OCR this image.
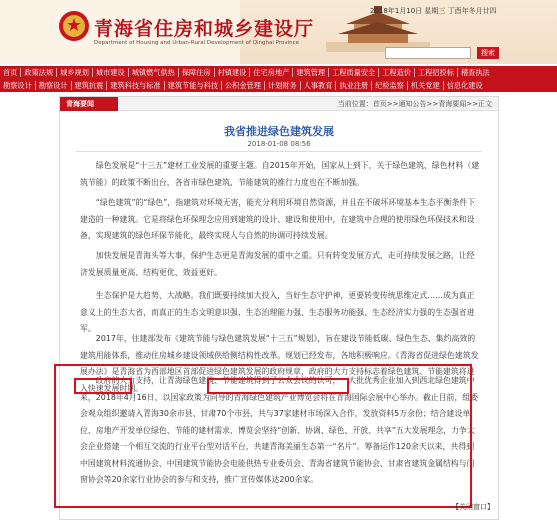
青海省住房和城乡建设厅
Department of Housing and Urban-Rural Development of Qinghai Province
2018年1月10日 星期三 丁酉年冬月廿四
搜索
首页 政策法规 城乡规划 城市建设 城镇燃气供热 保障住房 村镇建设 住宅房地产 建筑管理 工程质量安全 工程造价 工程招投标 稽查执法
勘察设计 勘察设计 建筑抗震 建筑科技与标准 建筑节能与科技 公积金管理 计划财务 人事教育 执业注册 纪检监察 机关党建 信息化建设
青海要闻	当前位置：首页>>通知公告>>青海要闻>>正文
我省推进绿色建筑发展
2018-01-08 08:56

绿色发展是“十三五”建材工业发展的重要主题。自2015年开始，国家从上到下，关于绿色建筑、绿色材料（建筑节能）的政策不断出台，各省市绿色建筑、节能建筑的推行力度也在不断加强。

“绿色建筑”的“绿色”，指建筑对环境无害，能充分利用环境自然资源，并且在不破坏环境基本生态平衡条件下建造的一种建筑。它是将绿色环保理念应用到建筑的设计、建设和使用中，在建筑中合理的使用绿色环保技术和设备，实现建筑的绿色环保节能化，最终实现人与自然的协调可持续发展。

加快发展是青海头等大事，保护生态更是青海发展的重中之重。只有转变发展方式，走可持续发展之路，让经济发展质量更高、结构更优、效益更好。

生态保护是大趋势、大战略。我们既要持续加大投入，当好生态守护神，更要转变传统思维定式……成为真正意义上的生态大省，而真正的生态文明意识强、生态治理能力强、生态服务功能强、生态经济实力强的生态强省进军。

2017年，住建部发布《建筑节能与绿色建筑发展“十三五”规划》，旨在建设节能低碳、绿色生态、集约高效的建筑用能体系，推动住房城乡建设领域供给侧结构性改革。规划已经发布，各地积极响应。《青海省促进绿色建筑发展办法》是青海省为西部地区首部促进绿色建筑发展的政府规章，政府的大力支持标志着绿色建筑、节能建筑将进入快速发展时期。

政府的大力支持，让青海绿色建筑、节能建筑得到了公众会议的认可，一大批优秀企业加入到西北绿色建筑中来，2018年4月16日，以国家政策为向导的青海绿色建筑产业博览会将在青海国际会展中心举办。截止目前，组委会观众组织邀请入青海30余市县、甘肃70个市县，共与37家建材市场深入合作，发放资料5万余份；结合建设单位、房地产开发单位绿色、节能的建材需求，博览会坚持“创新、协调、绿色、开放、共享”五大发展理念，力争大会企业搭建一个相互交流的行业平台型对话平台，共建青海美丽生态第一“名片”。筹备运作120余天以来，共得到中国建筑材料流通协会、中国建筑节能协会电能供热专业委员会、青海省建筑节能协会、甘肃省建筑金属结构与门窗协会等20余家行业协会的参与和支持，推广宣传媒体达200余家。

【关闭窗口】
